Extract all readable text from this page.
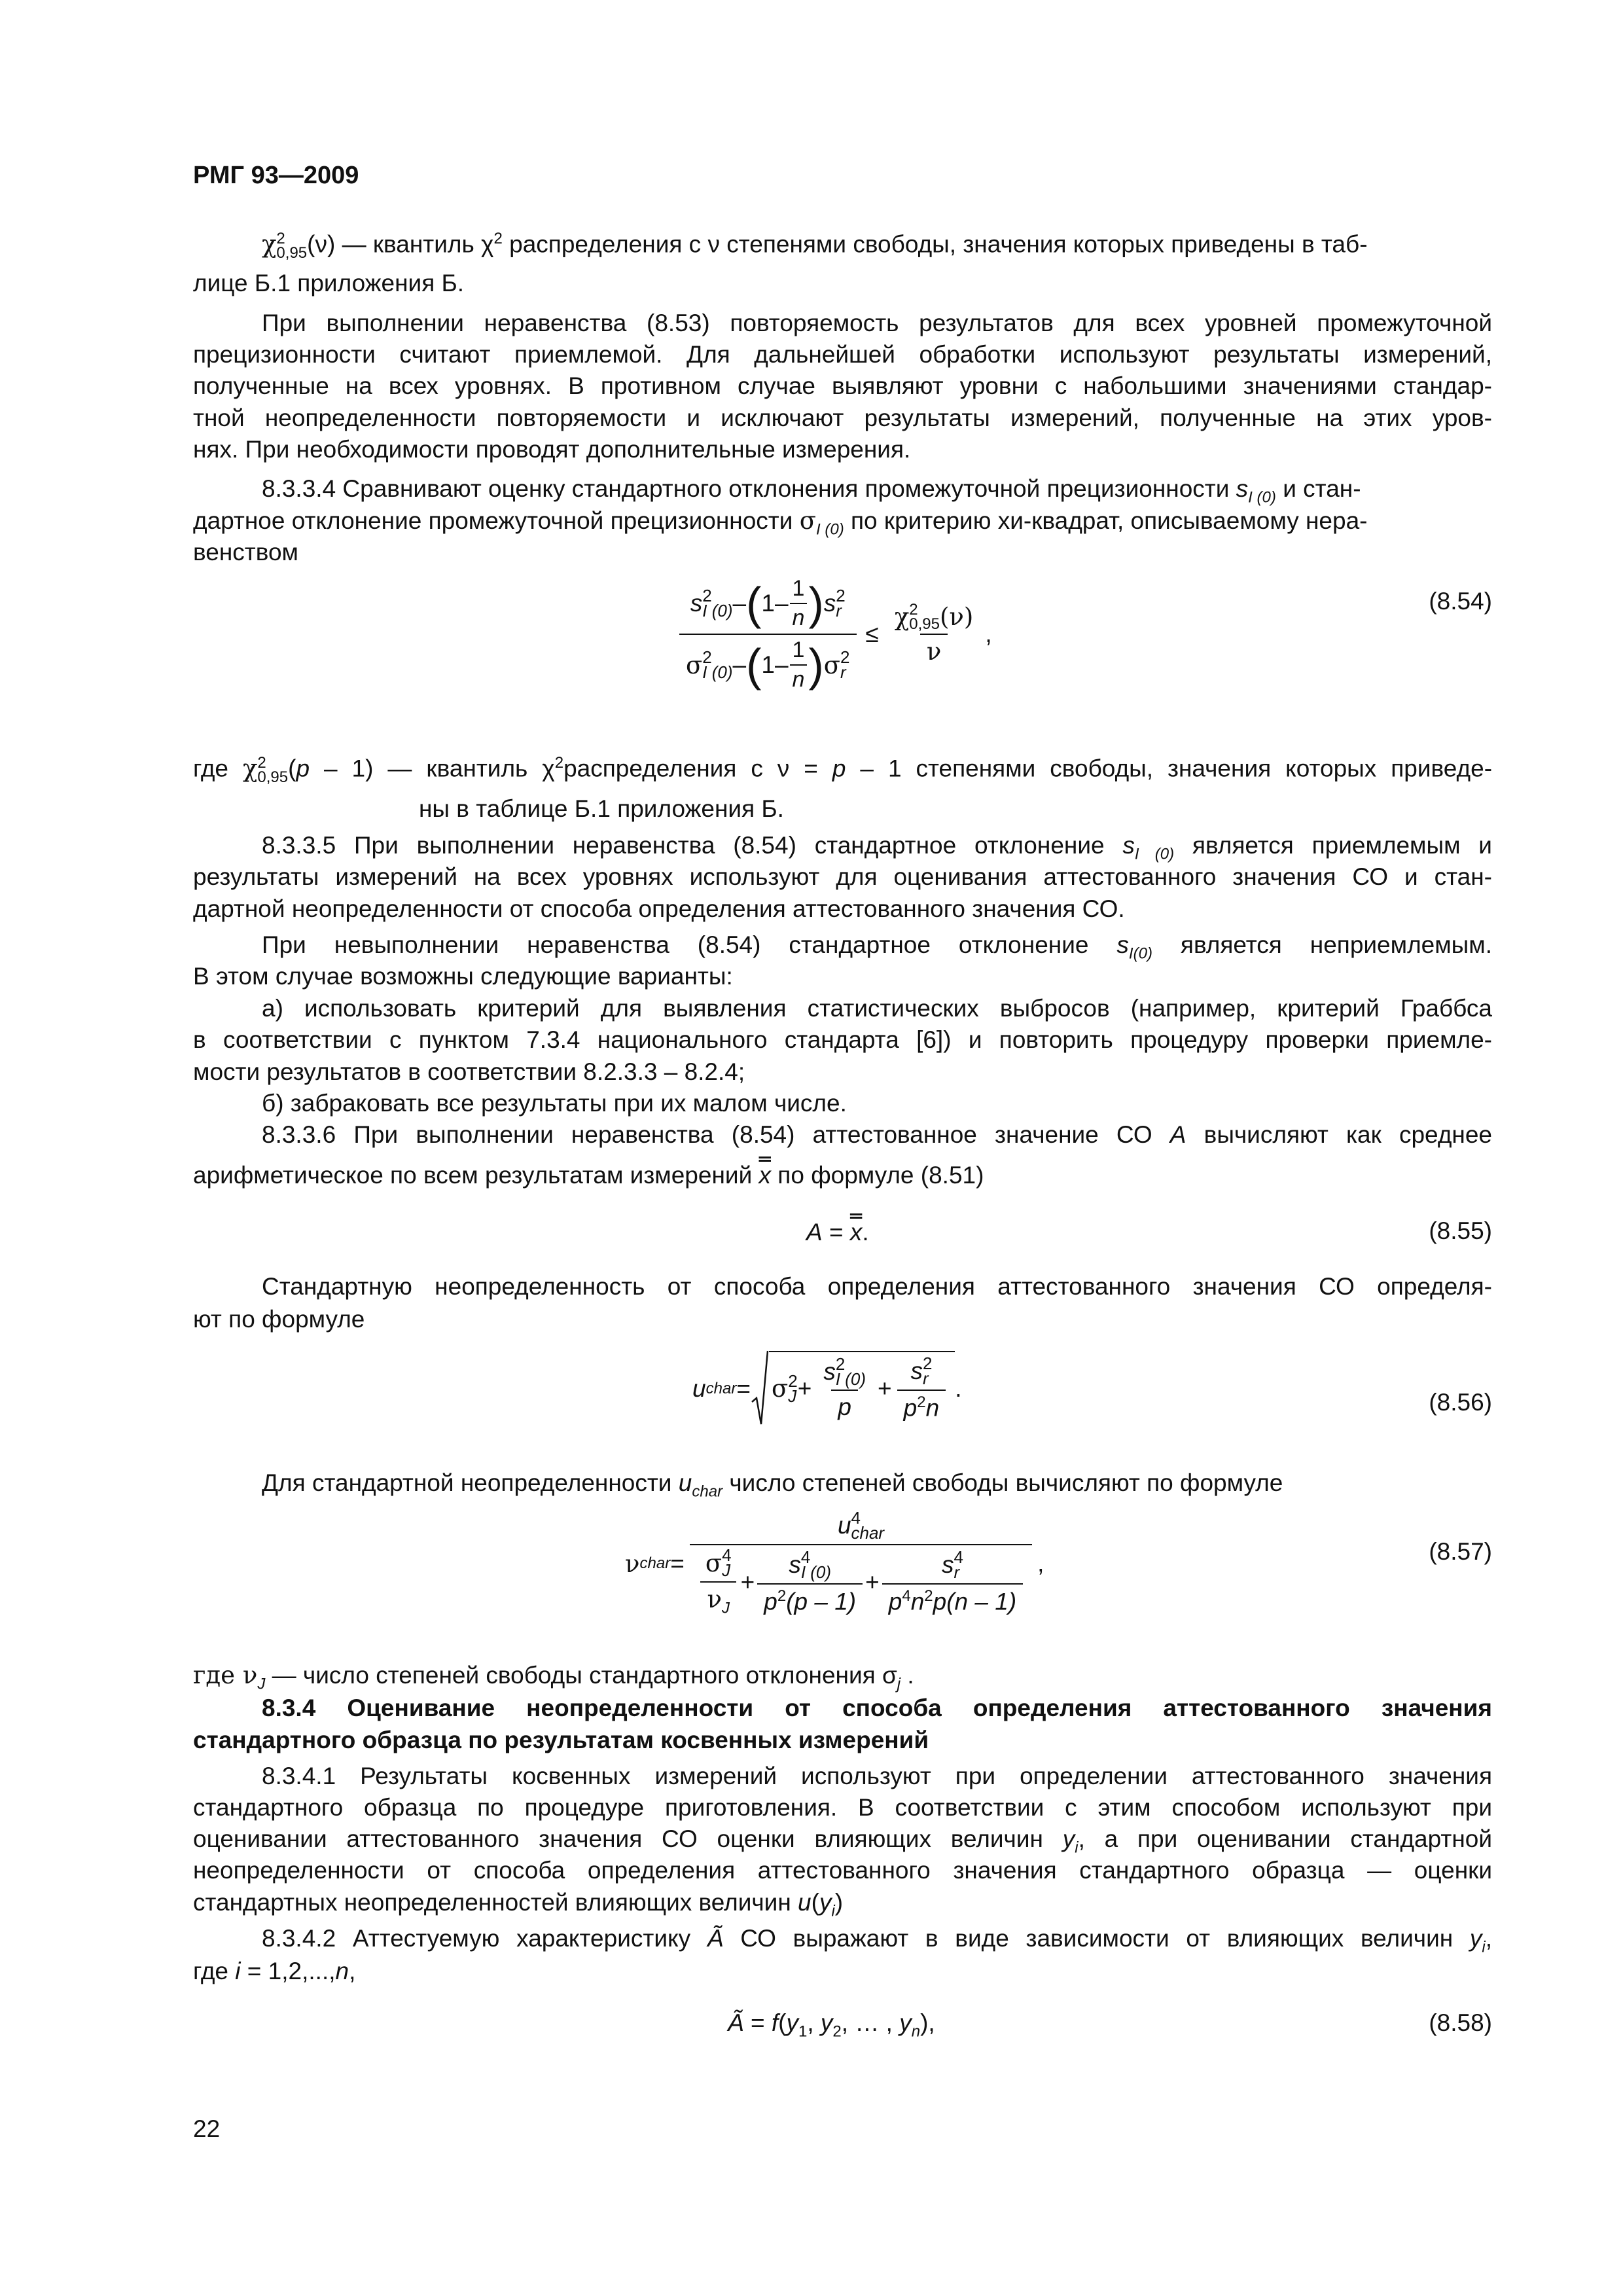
РМГ 93—2009
χ 2
0,95 (ν) — квантиль $\chi^2$ распределения с ν степенями свободы, значения которых приведены в таб-
лице Б.1 приложения Б.
При выполнении неравенства (8.53) повторяемость результатов для всех уровней промежуточной
прецизионности считают приемлемой. Для дальнейшей обработки используют результаты измерений,
полученные на всех уровнях. В противном случае выявляют уровни с набольшими значениями стандар-
тной неопределенности повторяемости и исключают результаты измерений, полученные на этих уров-
нях. При необходимости проводят дополнительные измерения.
8.3.3.4 Сравнивают оценку стандартного отклонения промежуточной прецизионности $s_{I (0)}$ и стан-
дартное отклонение промежуточной прецизионности $\sigma_{I (0)}$ по критерию хи-квадрат, описываемому нера-
венством
s 2
I (0) – ( $1 - \frac{1}{n}$ ) s 2
r
σ 2
I (0) – ( $1 - \frac{1}{n}$ ) σ 2
r
≤ χ 2
0,95 (ν)
ν ,
(8.54)
где χ 2
0,95 (p – 1) — квантиль $\chi^2распределения$ с ν = p – 1 степенями свободы, значения которых приведе-
ны в таблице Б.1 приложения Б.
8.3.3.5 При выполнении неравенства (8.54) стандартное отклонение $s_{I (0)}$ является приемлемым и
результаты измерений на всех уровнях используют для оценивания аттестованного значения СО и стан-
дартной неопределенности от способа определения аттестованного значения СО.
При невыполнении неравенства (8.54) стандартное отклонение $s_{I(0)}$ является неприемлемым.
В этом случае возможны следующие варианты:
а) использовать критерий для выявления статистических выбросов (например, критерий Граббса
в соответствии с пунктом 7.3.4 национального стандарта [6]) и повторить процедуру проверки приемле-
мости результатов в соответствии 8.2.3.3 – 8.2.4;
б) забраковать все результаты при их малом числе.
8.3.3.6 При выполнении неравенства (8.54) аттестованное значение СО A вычисляют как среднее
арифметическое по всем результатам измерений x по формуле (8.51)
A = x.	(8.55)
Стандартную неопределенность от способа определения аттестованного значения СО определя-
ют по формуле
u char = σ 2
J + s 2
I (0)
p + s 2
r
$p^2n$ .
(8.56)
Для стандартной неопределенности $u_{char}$ число степеней свободы вычисляют по формуле
ν char =
u 4
char
σ 4
J
$\nu_J + s$ 4
I (0)
$p^2(p - 1) + s$ 4
r
$p^4n^2p(n - 1)$ ,	(8.57)
где $\nu_J$ — число степеней свободы стандартного отклонения $\sigma_j$ .
8.3.4 Оценивание неопределенности от способа определения аттестованного значения
стандартного образца по результатам косвенных измерений
8.3.4.1 Результаты косвенных измерений используют при определении аттестованного значения
стандартного образца по процедуре приготовления. В соответствии с этим способом используют при
оценивании аттестованного значения СО оценки влияющих величин $y_i$, а при оценивании стандартной
неопределенности от способа определения аттестованного значения стандартного образца — оценки
стандартных неопределенностей влияющих величин $u(y_i)$
8.3.4.2 Аттестуемую характеристику Ã СО выражают в виде зависимости от влияющих величин $y_i$,
где i = 1,2,...,n,
Ã = $f(y_1$, $y_2$, … , $y_n$),	(8.58)
22
